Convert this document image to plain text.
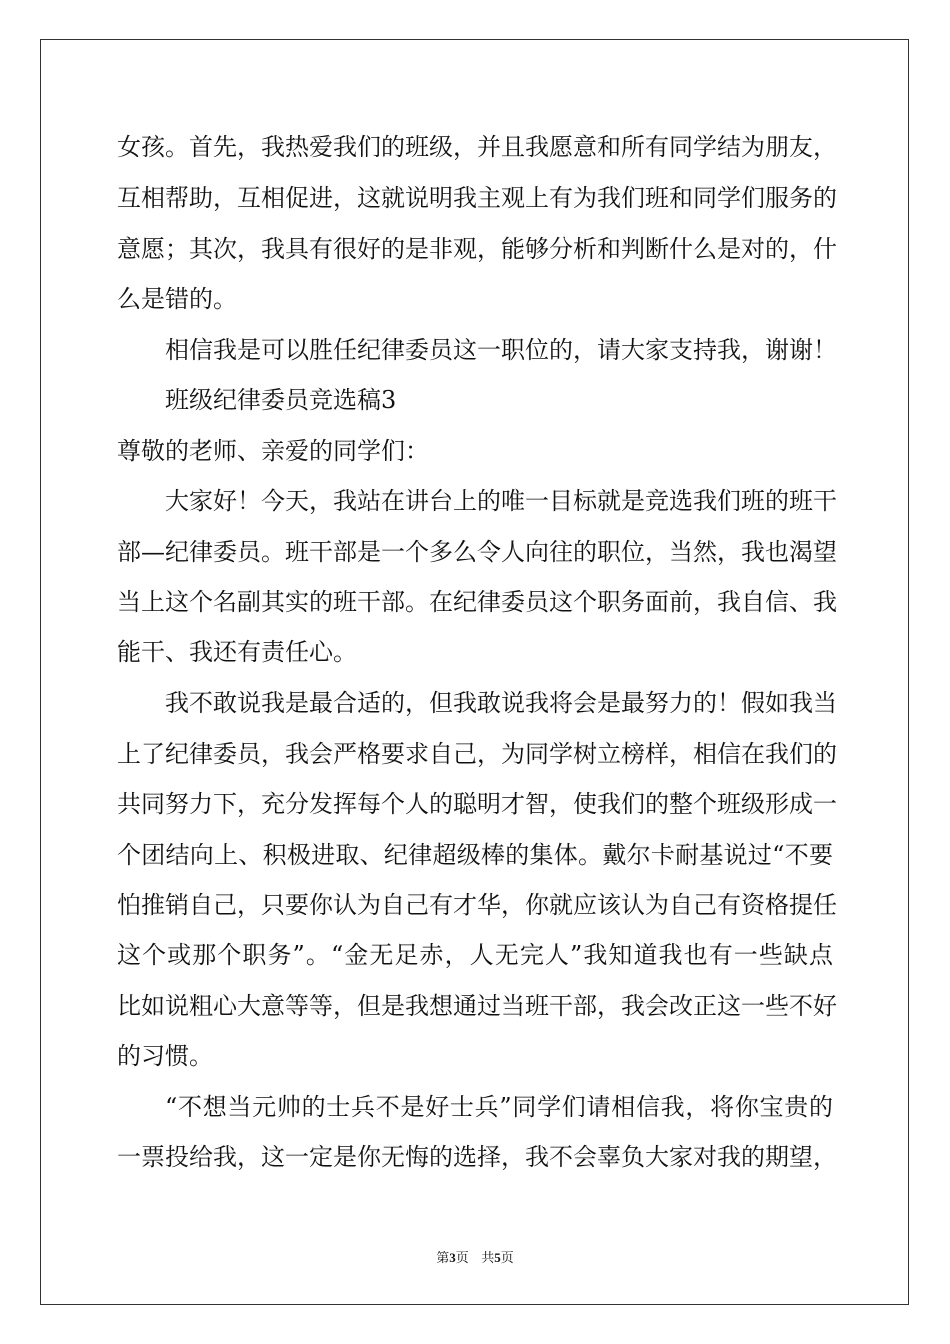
女孩。首先，我热爱我们的班级，并且我愿意和所有同学结为朋友，
互相帮助，互相促进，这就说明我主观上有为我们班和同学们服务的
意愿；其次，我具有很好的是非观，能够分析和判断什么是对的，什
么是错的。
相信我是可以胜任纪律委员这一职位的，请大家支持我，谢谢！
班级纪律委员竞选稿3
尊敬的老师、亲爱的同学们：
大家好！今天，我站在讲台上的唯一目标就是竞选我们班的班干
部—纪律委员。班干部是一个多么令人向往的职位，当然，我也渴望
当上这个名副其实的班干部。在纪律委员这个职务面前，我自信、我
能干、我还有责任心。
我不敢说我是最合适的，但我敢说我将会是最努力的！假如我当
上了纪律委员，我会严格要求自己，为同学树立榜样，相信在我们的
共同努力下，充分发挥每个人的聪明才智，使我们的整个班级形成一
个团结向上、积极进取、纪律超级棒的集体。戴尔卡耐基说过“不要
怕推销自己，只要你认为自己有才华，你就应该认为自己有资格提任
这个或那个职务”。“金无足赤，人无完人”我知道我也有一些缺点
比如说粗心大意等等，但是我想通过当班干部，我会改正这一些不好
的习惯。
“不想当元帅的士兵不是好士兵”同学们请相信我，将你宝贵的
一票投给我，这一定是你无悔的选择，我不会辜负大家对我的期望，
第3页 共5页
